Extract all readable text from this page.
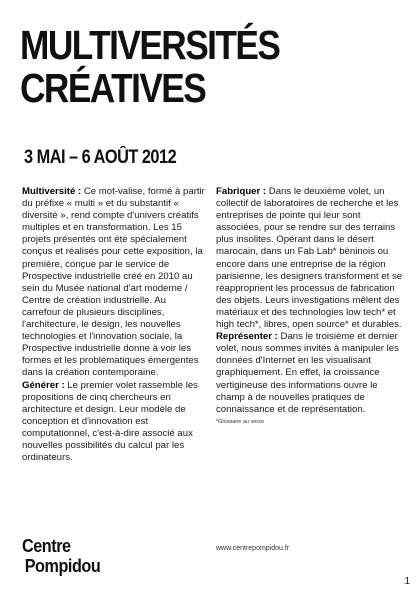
MULTIVERSITÉS
CRÉATIVES
3 MAI – 6 AOÛT 2012

Multiversité : Ce mot-valise, formé à partir du préfixe « multi » et du substantif « diversité », rend compte d'univers créatifs multiples et en transformation. Les 15 projets présentés ont été spécialement conçus et réalisés pour cette exposition, la première, conçue par le service de Prospective industrielle créé en 2010 au sein du Musée national d'art moderne / Centre de création industrielle. Au carrefour de plusieurs disciplines, l'architecture, le design, les nouvelles technologies et l'innovation sociale, la Prospective industrielle donne à voir les formes et les problématiques émergentes dans la création contemporaine.

Générer : Le premier volet rassemble les propositions de cinq chercheurs en architecture et design. Leur modèle de conception et d'innovation est computationnel, c'est-à-dire associé aux nouvelles possibilités du calcul par les ordinateurs.

Fabriquer : Dans le deuxième volet, un collectif de laboratoires de recherche et les entreprises de pointe qui leur sont associées, pour se rendre sur des terrains plus insolites. Opérant dans le désert marocain, dans un Fab Lab* béninois ou encore dans une entreprise de la région parisienne, les designers transforment et se réapproprient les processus de fabrication des objets. Leurs investigations mêlent des matériaux et des technologies low tech* et high tech*, libres, open source* et durables.

Représenter : Dans le troisième et dernier volet, nous sommes invités à manipuler les données d'Internet en les visualisant graphiquement. En effet, la croissance vertigineuse des informations ouvre le champ à de nouvelles pratiques de connaissance et de représentation.

*Glossaire au verso

Centre
Pompidou
www.centrepompidou.fr
1
